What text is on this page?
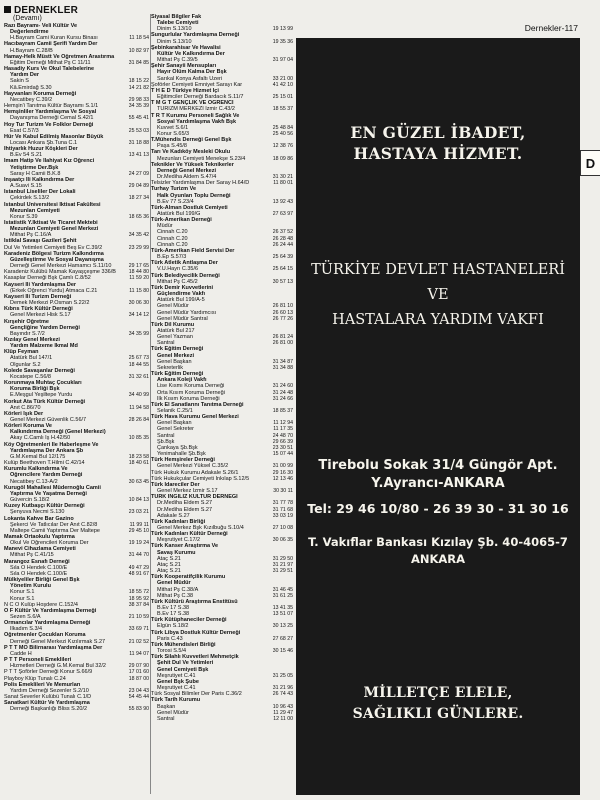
DERNEKLER
Dernekler-117
(Devamı)
Razı Bayramı- Veli Kültür Ve
Değerlendirme
H.Bayram Cami Kuran Kursu Binası	11 18 54
Hacıbayram Camii Şerifi Yardım Der
H.Bayram C.28/B	10 82 97
Hamay-Helk Müstt Ve Öğretmen Arastırma
Eğitim Derneği Mithat Pş C 11/11	31 84 85
Hasadiy Kurs Ve Okul Talebelerine
Yardım Der
Sakin S	18 15 22
Kâ.Emirdağ S.30	14 21 82
Hayvanları Koruma Derneği
Necatibey C.39/2	29 98 33
Hemşin'i Tanıtma Kültür Bayramı S.1/1	34 35 39
Hemşinliler Yardımlaşma Ve Sosyal
Dayanışma Derneği Cemal S.42/1	55 45 41
Hoy Tur Turizm Ve Folklor Derneği
Esat C.57/3	25 53 03
Hür Ve Kabul Edilmiş Masonlar Büyük
Locası Ankara Şb.Tuna C.1	31 18 88
İhtiyarlık Huzur Köşkleri Der
B.Ev 54 S.21	13 41 13
İmam Hatip Ve İlahiyat Kız Öğrenci
Yetiştirme Der.Bşk
Saray H Camii B.K.8	24 27 09
İnşaatçı İli Kalkındırma Der
A.Suavi S.15	29 04 89
İstanbul Liseliler Der Lokali
Çekirdek S.13/2	18 27 34
İstanbul Üniversitesi İktisat Fakültesi
Mezunları Cemiyeti
Konur S.39	18 65 36
İstatistik Y.İktisat Ve Ticaret Mektebi
Mezunları Cemiyeti Genel Merkezi
Mithat Pş C.16/A	34 35 42
İstiklal Savaşı Gazileri Şehit
Dul Ve Yetimleri Cemiyeti Beş Ev C.39/2	23 29 99
Karadeniz Bölgesi Turizm Kalkındırma
Güzelleştirme Ve Sosyal Dayanışma
Derneği Genel Merkezi Hamamcı S.11/10	29 17 65
Karadeniz Kulübü Mamak Kayaşçeşme 336/B	18 44 80
Kasaplar Derneği Bşk Çamlı C.8/52	11 59 20
Kayseri İli Yardımlaşma Der
(Erkek Öğrenci Yurdu) Atmaca C.21	11 15 80
Kayseri İli Turizm Derneği
Demek Merkezi P.Osman S.22/2	30 06 30
Kıbrıs Türk Kültür Derneği
Genel Merkezi Hisk S.17	34 14 12
Kırşehir Öğretme
Gençliğine Yardım Derneği
Bayındır S.7/2	34 35 99
Kızılay Genel Merkezi
Yardım Malzeme İkmal Md
Klüp Feyman
Atatürk Bul 147/1	25 67 73
Olgunlar S.2	18 44 55
Kolede Savaşanlar Derneği
Kocatepe C.56/8	31 32 61
Korunmaya Muhtaç Çocukları
Koruma Birliği Bşk
E.Meşgul Yeşiltepe Yurdu	34 40 99
Korkut Ata Türk Kültür Derneği
Anıt C.86/70	11 94 58
Körleri Işık Der
Genel Merkezi Güvenlik C.56/7	28 26 84
Körleri Koruma Ve
Kalkındırma Derneği (Genel Merkezi)
Akay C.Camlı İş H.42/50	10 85 35
Köy Öğretmenleri İle Haberleşme Ve
Yardımlaşma Der Ankara Şb
G.M.Kemal Bul 12/175	18 23 58
Kulüp Beethoven T.Hilmi C.42/14	18 40 61
Kurumlu Kalkındırma Ve
Öğrencilere Yardım Derneği
Necatibey C.13-A/2	30 63 45
Kurugöl Mahallesi Müdernoğlu Camii
Yaptırma Ve Yaşatma Derneği
Güvercin S.18/2	10 84 13
Kuzey Kutbaşçı Kültür Derneği
Şenyuva Necmi S.130	23 03 21
Lokanta Kahve Bar Gazino
Şekerci Ve Tatlıcılar Der Anıt C.82/8	11 99 11
Maltepe Camii Yaptırma Der Maltepe	29 45 10
Mamak Ortaokulu Yaptırma
Okul Ve Öğrencileri Koruma Der	19 19 24
Manevi Cihazlama Cemiyeti
Mithat Pş C.41/15	31 44 70
Marangoz Esnafı Derneği
Sıla Ö Hendek C.100/E	49 47 29
Sıla Ö Hendek C.100/E	48 91 67
Mülkiyeliler Birliği Genel Bşk
Yönetim Kurulu
Konur S.1	18 55 72
Konur S.1	18 95 92
N C O Kulüp Hoşdere C.152/4	38 37 84
O F Kültür Ve Yardımlaşma Derneği
Sezen S.6/A	21 10 59
Ormancılar Yardımlaşma Derneği
İlkadım S.3/4	33 69 71
Öğretmenler Çocukları Koruma
Derneği Genel Merkezi Kızılırmak S.27	21 02 52
P T T MO Bilirnarası Yardımlaşma Der
Cadde H	11 94 07
P T T Personeli Emeklileri
Hizmetleri Derneği G.M.Kemal Bul 32/2	29 07 90
P T T Şoförler Derneği Konur S.66/9	17 01 60
Playboy Klüp Tunalı C.24	18 87 00
Polis Emeklileri Ve Memurları
Yardım Derneği Sezenler S.2/10	23 04 43
Sanat Severler Kulübü Tunalı C.1/D	54 45 44
Sanatkari Kültür Ve Yardımlaşma
Derneği Başkanlığı Bliss S.20/2	55 83 90
Siyasal Bilgiler Fak
Talebe Cemiyeti
Dinim S.13/10	19 13 99
Sungurlular Yardımlaşma Derneği
Dinim S.13/10	19 35 36
Şebinkarahisar Ve Havalisi
Kültür Ve Kalkındırma Der
Mithat Pş C.39/5	31 97 04
Şehir Sanayii Mensupları
Hayır Ölüm Kalma Der Bşk
Sarıkal Konya Asfaltı Üzeri	33 21 00
Şoförler Cemiyeti Emniyet Sarayı Kar	41 42 10
T H E D Türkiye Hizmet İçi
Eğitimciler Derneği Bardacık S.11/7	25 15 01
T M G T GENÇLİK VE ÖĞRENCİ
TURİZM MERKEZİ İzmir C.43/2	18 55 37
T R T Kurumu Personeli Sağlık Ve
Sosyal Yardımlaşma Vakfı Bşk
Kuvvet S.6/1	25 48 84
Konur S.65/3	25 40 56
T.Mühendis Derneği Genel Bşk
Paşa S.45/8	12 38 76
Tarı Ve Kadıköy Mesleki Okulu
Mezunları Cemiyeti Menekşe S.23/4	18 09 86
Teknikler Ve Yüksek Teknikerler
Derneği Genel Merkezi
Dr.Mediha Aldem S.47/4	31 30 21
Telsizler Yardımlaşma Der Saray H.64/D	11 80 01
Turhay Turizm Ve
Halk Oyunları Toplu Derneği
B.Ev 77 S.23/4	13 92 43
Türk-Alman Dostluk Cemiyeti
Atatürk Bul 199/G	27 63 97
Türk-Amerikan Derneği
Müdür
Cinnah C.20	26 37 52
Cinnah C.20	26 28 48
Cinnah C.20	26 24 44
Türk-Amerikan Field Servisi Der
B.Ep S.57/3	25 64 39
Türk Atletik Antlaşma Der
V.Ü.Hayrı C.35/6	25 64 15
Türk Belediyecilik Derneği
Mithat Pş C.45/2	30 57 13
Türk Demir Kuvvetlerini
Güçlendirme Vakfı
Atatürk Bul 199/A-5
Genel Müdür	26 81 10
Genel Müdür Yardımcısı	26 60 13
Genel Müdür Santral	26 77 26
Türk Dil Kurumu
Atatürk Bul 217
Genel Yazman	26 81 24
Santral	26 81 00
Türk Eğitim Derneği
Genel Merkezi
Genel Başkan	31 34 87
Sekreterlik	31 34 88
Türk Eğitim Derneği
Ankara Koleji Vakfı
Lise Kısmı Koruma Derneği	31 24 60
Orta Kısım Koruma Derneği	31 24 48
İlk Kısım Koruma Derneği	31 24 66
Türk El Sanatlarını Tanıtma Derneği
Selanik C.25/1	18 85 37
Türk Hava Kurumu Genel Merkezi
Genel Başkan	11 12 94
Genel Sekreter	11 17 35
Santral	24 48 70
Şb.Bşk	29 66 39
Çankaya Şb.Bşk	23 30 51
Yenimahalle Şb.Bşk	15 07 44
Türk Hemşireler Derneği
Genel Merkezi Yüksel C.35/2	31 00 99
Türk Hukuk Kurumu Adakale S.26/1	29 16 30
Türk Hukukçular Cemiyeti İnkılap S.12/5	12 13 46
Türk İdareciler Der
Genel Merkez İzmir S.17	30 30 11
TÜRK İNGİLİZ KÜLTÜR DERNEĞİ
Dr.Mediha Eldem S.27	31 77 78
Dr.Mediha Eldem S.27	31 71 68
Adakale S.27	33 03 19
Türk Kadınları Birliği
Genel Merkez Bşk Kızılbuğu S.10/4	27 10 08
Türk Kadınları Kültür Derneği
Meşrutiyet C.17/2	30 06 35
Türk Kanser Araştırma Ve
Savaş Kurumu
Ataç S.21	31 29 50
Ataç S.21	31 21 97
Ataç S.21	31 29 51
Türk Kooperatifçilik Kurumu
Genel Müdür
Mithat Pş C.38/A	31 46 45
Mithat Pş C.38	31 61 25
Türk Kültürü Araştırma Enstitüsü
B.Ev 17 S.38	13 41 35
B.Ev 17 S.38	13 51 07
Türk Kütüphaneciler Derneği
Elgün S.18/2	30 13 25
Türk Libya Dostluk Kültür Derneği
Paris C.43	27 68 27
Türk Mühendisleri Birliği
Torosi S.5/4	30 15 46
Türk Silahlı Kuvvetleri Mehmetçik
Şehit Dul Ve Yetimleri
Genel Cemiyeti Bşk
Meşrutiyet C.41	31 25 05
Genel Bşk Şube
Meşrutiyet C.41	31 21 96
Türk Sosyal Bilimler Der Paris C.36/2	26 74 43
Türk Tarih Kurumu
Başkan	10 96 43
Genel Müdür	11 29 47
Santral	12 11 00
EN GÜZEL İBADET,
HASTAYA HİZMET.
TÜRKİYE DEVLET HASTANELERİ
VE
HASTALARA YARDIM VAKFI
Tirebolu Sokak 31/4 Güngör Apt.
Y.Ayrancı-ANKARA
Tel: 29 46 10/80 - 26 39 30 - 31 30 16
T. Vakıflar Bankası Kızılay Şb. 40-4065-7
ANKARA
MİLLETÇE ELELE,
SAĞLIKLI GÜNLERE.
D
